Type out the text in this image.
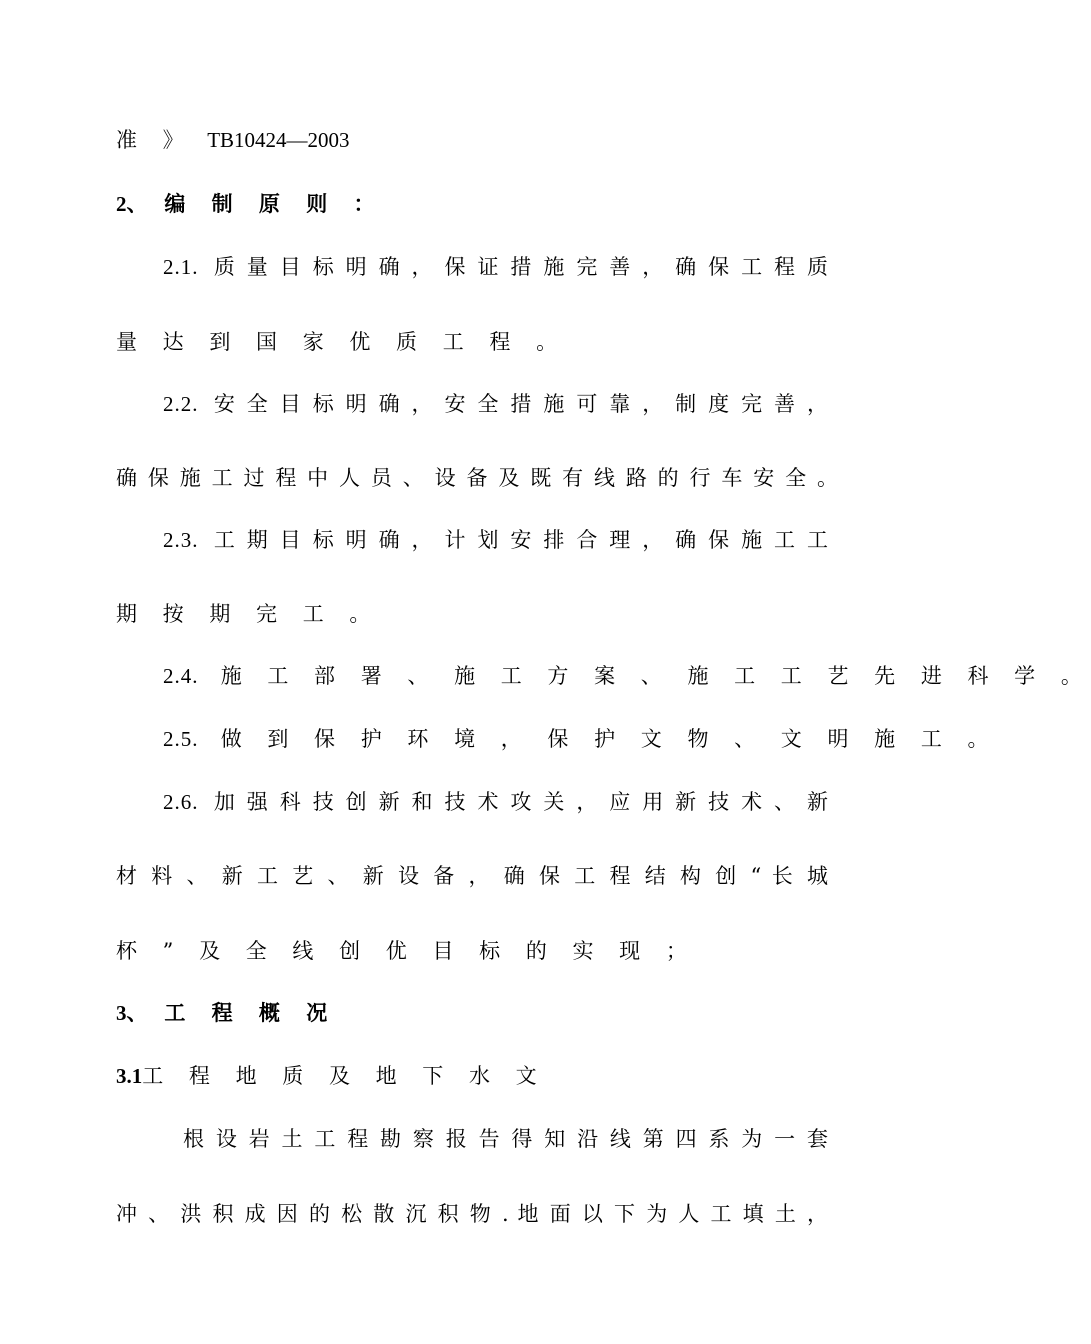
准 》 TB10424—2003
2、 编 制 原 则 ：
2.1. 质 量 目 标 明 确 ， 保 证 措 施 完 善 ， 确 保 工 程 质
量 达 到 国 家 优 质 工 程 。
2.2. 安 全 目 标 明 确 ， 安 全 措 施 可 靠 ， 制 度 完 善 ，
确 保 施 工 过 程 中 人 员 、 设 备 及 既 有 线 路 的 行 车 安 全 。
2.3. 工 期 目 标 明 确 ， 计 划 安 排 合 理 ， 确 保 施 工 工
期 按 期 完 工 。
2.4. 施 工 部 署 、 施 工 方 案 、 施 工 工 艺 先 进 科 学 。
2.5. 做 到 保 护 环 境 ， 保 护 文 物 、 文 明 施 工 。
2.6. 加 强 科 技 创 新 和 技 术 攻 关 ， 应 用 新 技 术 、 新
材 料 、 新 工 艺 、 新 设 备 ， 确 保 工 程 结 构 创 “ 长 城
杯 ” 及 全 线 创 优 目 标 的 实 现 ；
3、 工 程 概 况
3.1工 程 地 质 及 地 下 水 文
根 设 岩 土 工 程 勘 察 报 告 得 知 沿 线 第 四 系 为 一 套
冲 、 洪 积 成 因 的 松 散 沉 积 物 . 地 面 以 下 为 人 工 填 土 ，
